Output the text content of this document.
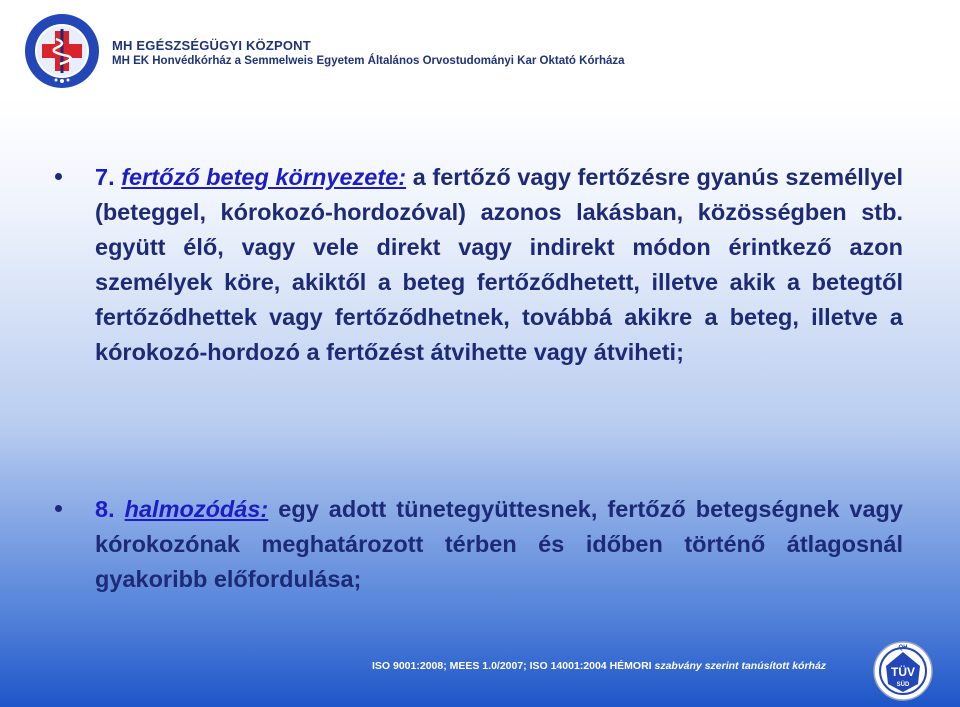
MH EGÉSZSÉGÜGYI KÖZPONT
MH EK Honvédkórház a Semmelweis Egyetem Általános Orvostudományi Kar Oktató Kórháza

7. fertőző beteg környezete: a fertőző vagy fertőzésre gyanús személlyel (beteggel, kórokozó-hordozóval) azonos lakásban, közösségben stb. együtt élő, vagy vele direkt vagy indirekt módon érintkező azon személyek köre, akiktől a beteg fertőződhetett, illetve akik a betegtől fertőződhettek vagy fertőződhetnek, továbbá akikre a beteg, illetve a kórokozó-hordozó a fertőzést átvihette vagy átviheti;

8. halmozódás: egy adott tünetegyüttesnek, fertőző betegségnek vagy kórokozónak meghatározott térben és időben történő átlagosnál gyakoribb előfordulása;

ISO 9001:2008; MEES 1.0/2007; ISO 14001:2004 HÉMORI szabvány szerint tanúsított kórház
QH
TÜV
SÜD
